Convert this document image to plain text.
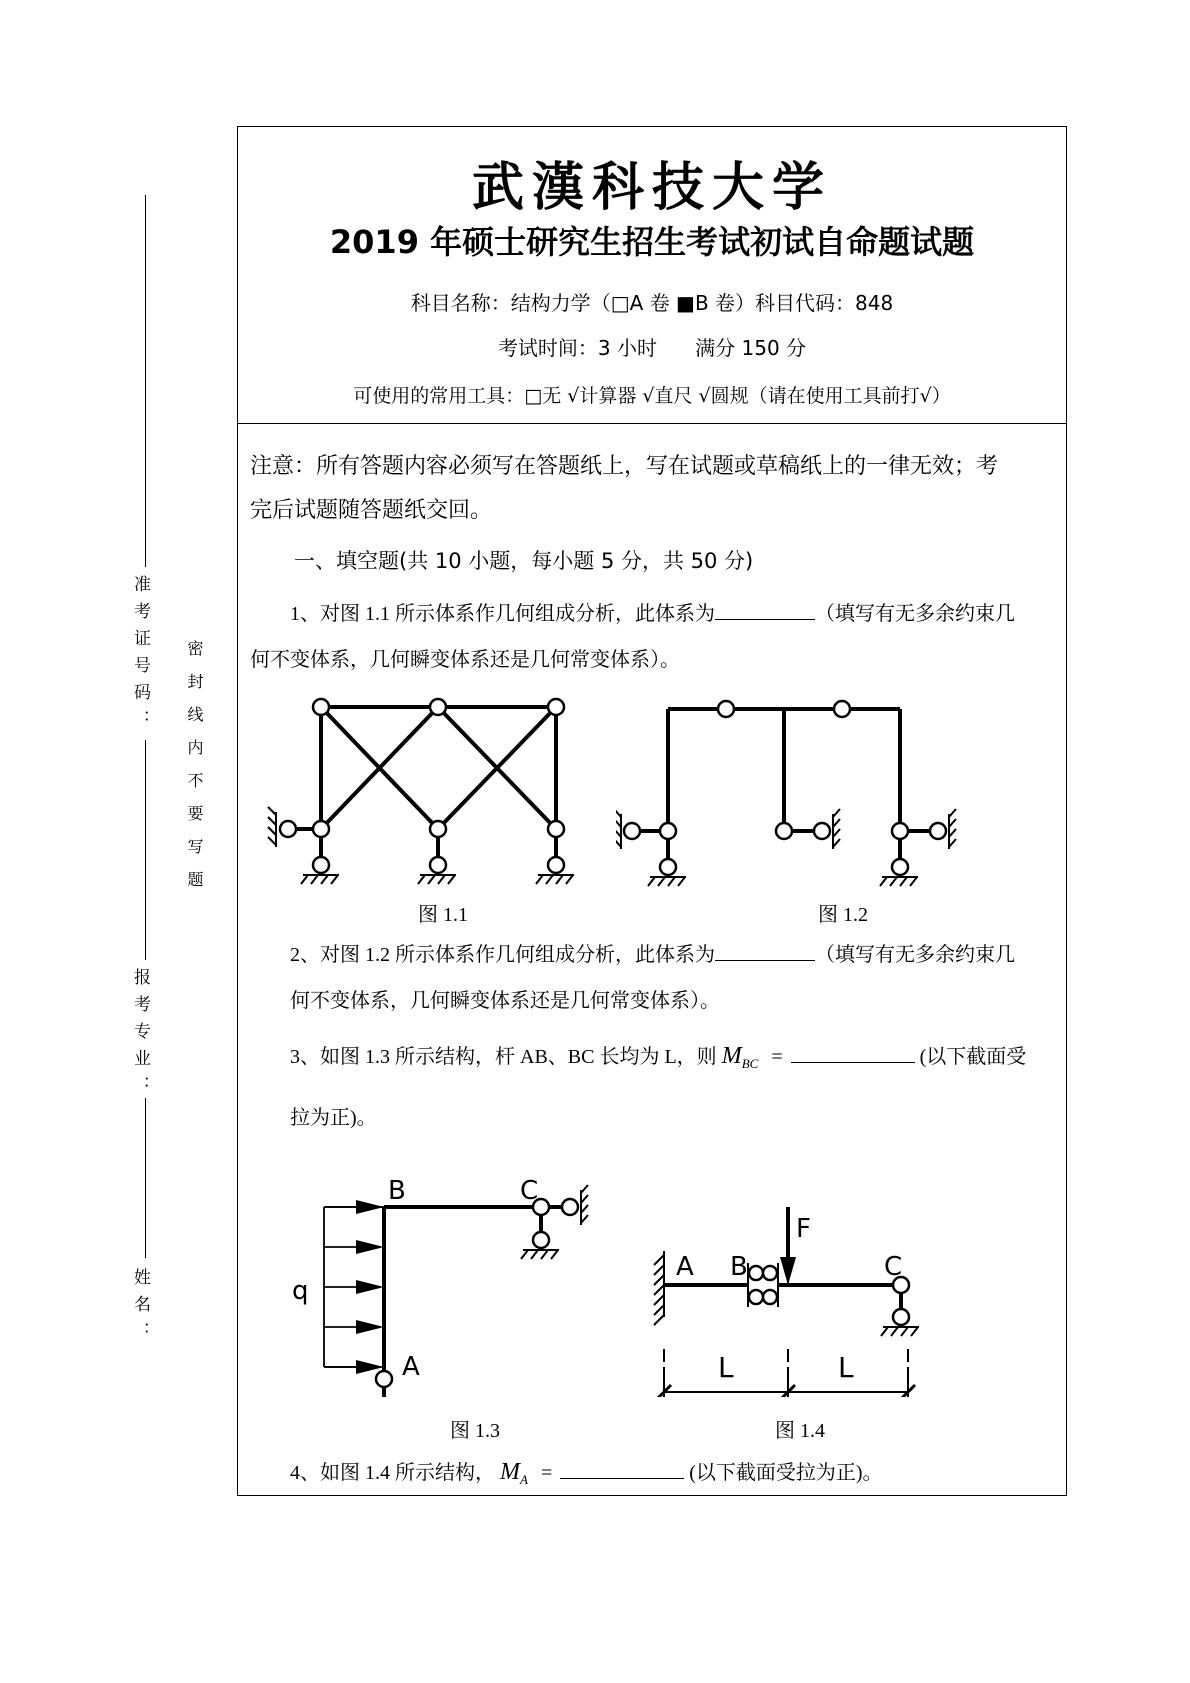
准考证号码：
报考专业：
姓名：
密封线内不要写题
武漢科技大学
2019 年硕士研究生招生考试初试自命题试题
科目名称：结构力学（□A 卷 ■B 卷）科目代码：848
考试时间：3 小时      满分 150 分
可使用的常用工具：□无 √计算器 √直尺 √圆规（请在使用工具前打√）
注意：所有答题内容必须写在答题纸上，写在试题或草稿纸上的一律无效；考
完后试题随答题纸交回。
一、填空题(共 10 小题，每小题 5 分，共 50 分)
1、对图 1.1 所示体系作几何组成分析，此体系为	（填写有无多余约束几
何不变体系，几何瞬变体系还是几何常变体系）。
图 1.1	图 1.2
2、对图 1.2 所示体系作几何组成分析，此体系为	（填写有无多余约束几
何不变体系，几何瞬变体系还是几何常变体系）。
3、如图 1.3 所示结构，杆 AB、BC 长均为 L，则 $M_{BC}$ =	(以下截面受
拉为正)。
B	C
A
q
图 1.3
A B	C
F
L	L
图 1.4
4、如图 1.4 所示结构， $M_A$ =	(以下截面受拉为正)。
